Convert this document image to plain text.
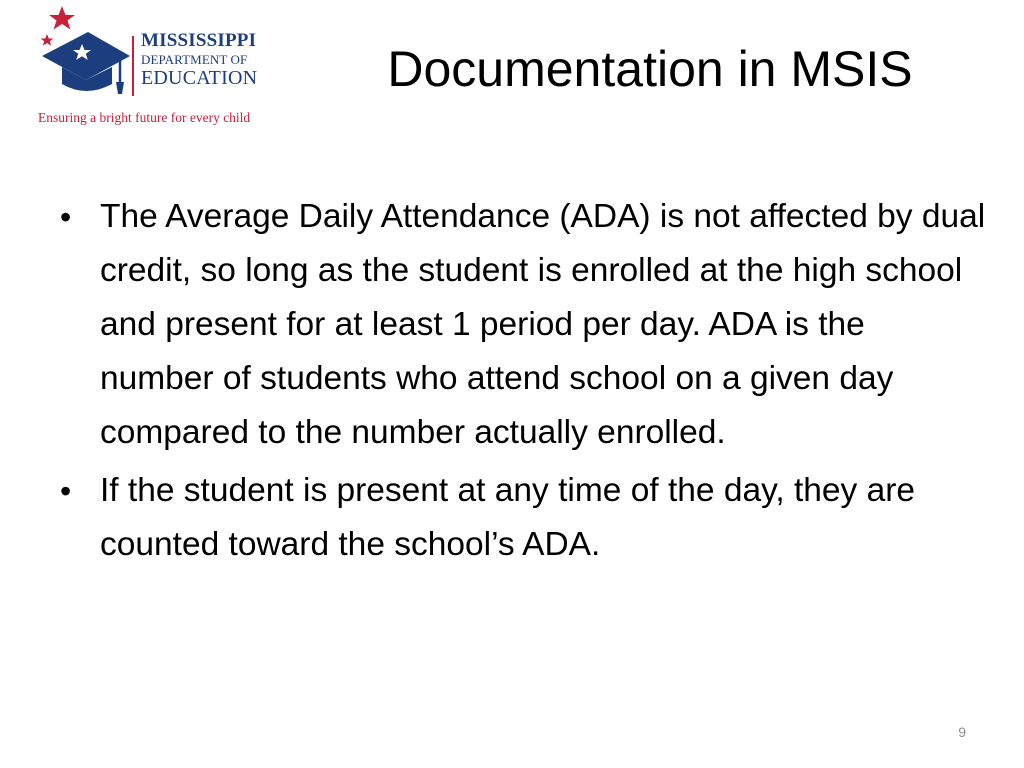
MISSISSIPPI
DEPARTMENT OF
EDUCATION
Ensuring a bright future for every child
Documentation in MSIS
• The Average Daily Attendance (ADA) is not affected by dual credit, so long as the student is enrolled at the high school and present for at least 1 period per day. ADA is the number of students who attend school on a given day compared to the number actually enrolled.
• If the student is present at any time of the day, they are counted toward the school’s ADA.
9
